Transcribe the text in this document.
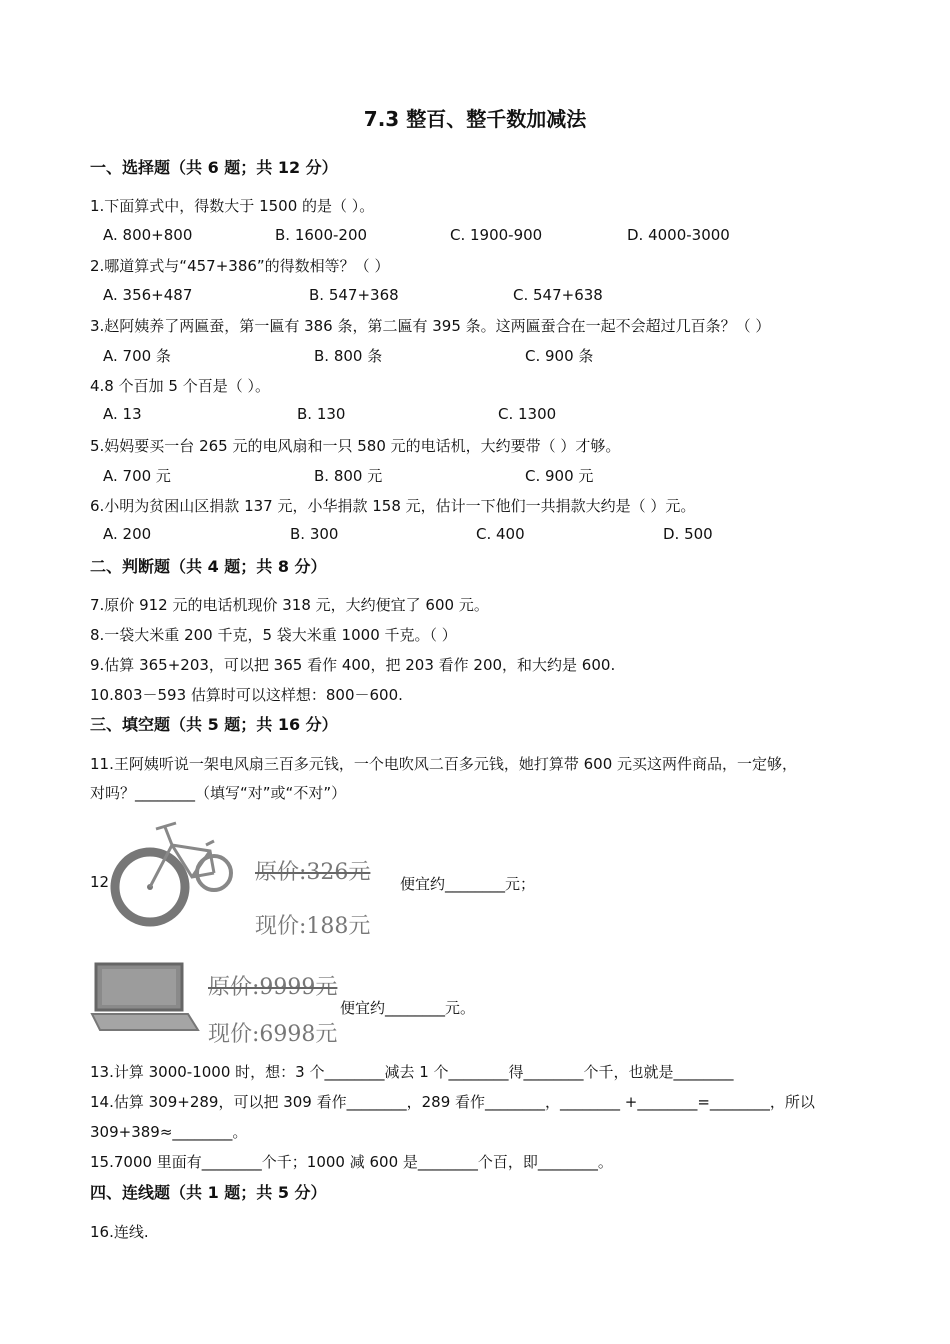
7.3 整百、整千数加减法
一、选择题（共 6 题；共 12 分）
1.下面算式中，得数大于 1500 的是（ ）。
A. 800+800	B. 1600-200	C. 1900-900	D. 4000-3000
2.哪道算式与“457+386”的得数相等？（ ）
A. 356+487	B. 547+368	C. 547+638
3.赵阿姨养了两匾蚕，第一匾有 386 条，第二匾有 395 条。这两匾蚕合在一起不会超过几百条？（ ）
A. 700 条	B. 800 条	C. 900 条
4.8 个百加 5 个百是（ ）。
A. 13	B. 130	C. 1300
5.妈妈要买一台 265 元的电风扇和一只 580 元的电话机，大约要带（ ）才够。
A. 700 元	B. 800 元	C. 900 元
6.小明为贫困山区捐款 137 元，小华捐款 158 元，估计一下他们一共捐款大约是（ ）元。
A. 200	B. 300	C. 400	D. 500
二、判断题（共 4 题；共 8 分）
7.原价 912 元的电话机现价 318 元，大约便宜了 600 元。
8.一袋大米重 200 千克，5 袋大米重 1000 千克。（ ）
9.估算 365+203，可以把 365 看作 400，把 203 看作 200，和大约是 600.
10.803－593 估算时可以这样想：800－600.
三、填空题（共 5 题；共 16 分）
11.王阿姨听说一架电风扇三百多元钱，一个电吹风二百多元钱，她打算带 600 元买这两件商品，一定够，
对吗？________（填写“对”或“不对”）
12.	原价:326元
现价:188元
便宜约________元；
原价:9999元
现价:6998元
便宜约________元。
13.计算 3000-1000 时，想：3 个________减去 1 个________得________个千，也就是________
14.估算 309+289，可以把 309 看作________，289 看作________，________ +________=________，所以
309+389≈________。
15.7000 里面有________个千；1000 减 600 是________个百，即________。
四、连线题（共 1 题；共 5 分）
16.连线.
